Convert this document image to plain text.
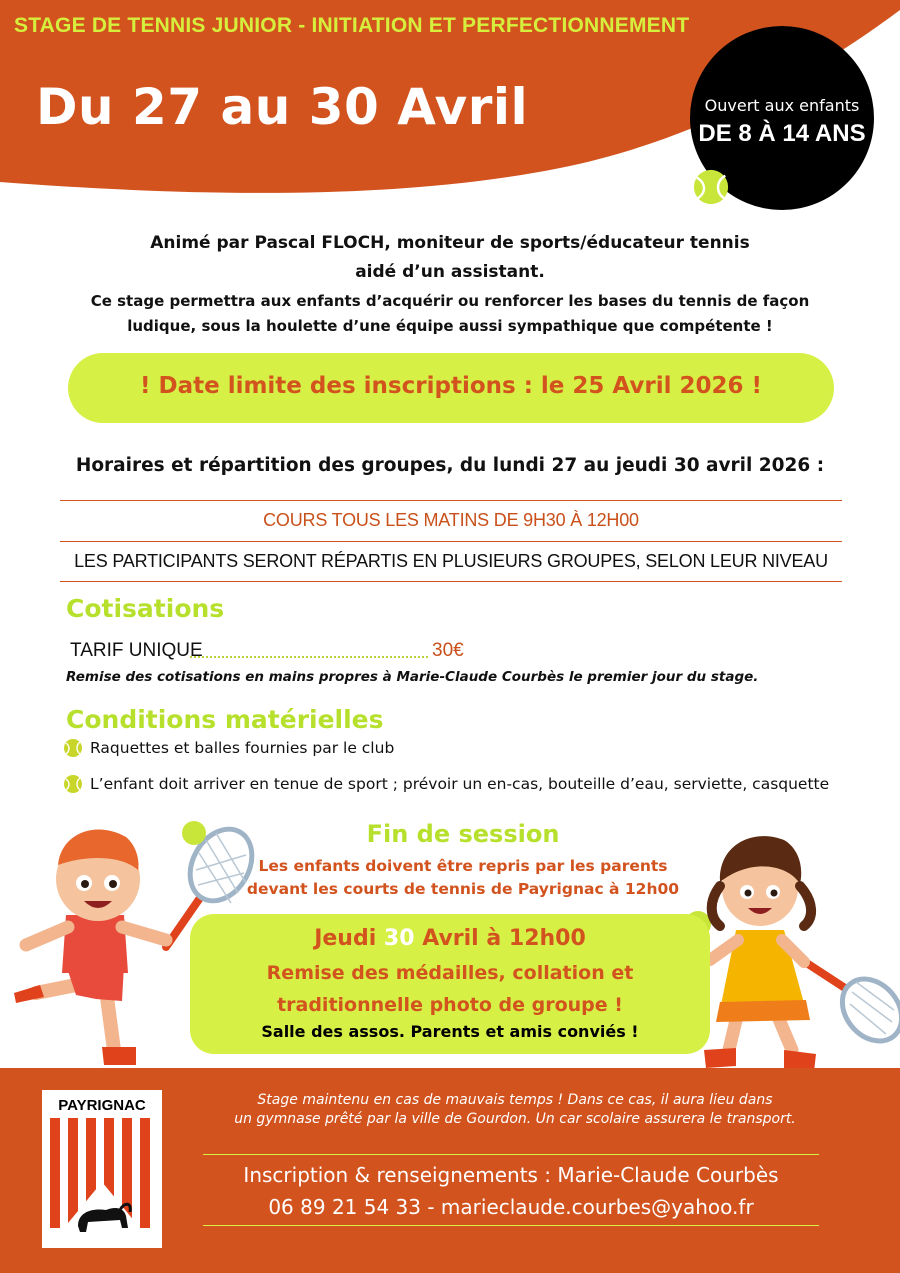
STAGE DE TENNIS JUNIOR - INITIATION ET PERFECTIONNEMENT
Du 27 au 30 Avril	Ouvert aux enfants
DE 8 À 14 ANS
Animé par Pascal FLOCH, moniteur de sports/éducateur tennis
aidé d’un assistant.
Ce stage permettra aux enfants d’acquérir ou renforcer les bases du tennis de façon
ludique, sous la houlette d’une équipe aussi sympathique que compétente !
! Date limite des inscriptions : le 25 Avril 2026 !
Horaires et répartition des groupes, du lundi 27 au jeudi 30 avril 2026 :
COURS TOUS LES MATINS DE 9H30 À 12H00
LES PARTICIPANTS SERONT RÉPARTIS EN PLUSIEURS GROUPES, SELON LEUR NIVEAU
Cotisations
TARIF UNIQUE	30€
Remise des cotisations en mains propres à Marie-Claude Courbès le premier jour du stage.
Conditions matérielles
Raquettes et balles fournies par le club
L’enfant doit arriver en tenue de sport ; prévoir un en-cas, bouteille d’eau, serviette, casquette
Fin de session
Les enfants doivent être repris par les parents
devant les courts de tennis de Payrignac à 12h00
Jeudi 30 Avril à 12h00
Remise des médailles, collation et
traditionnelle photo de groupe !
Salle des assos. Parents et amis conviés !
PAYRIGNAC	Stage maintenu en cas de mauvais temps ! Dans ce cas, il aura lieu dans
un gymnase prêté par la ville de Gourdon. Un car scolaire assurera le transport.
Inscription & renseignements : Marie-Claude Courbès
06 89 21 54 33 - marieclaude.courbes@yahoo.fr
